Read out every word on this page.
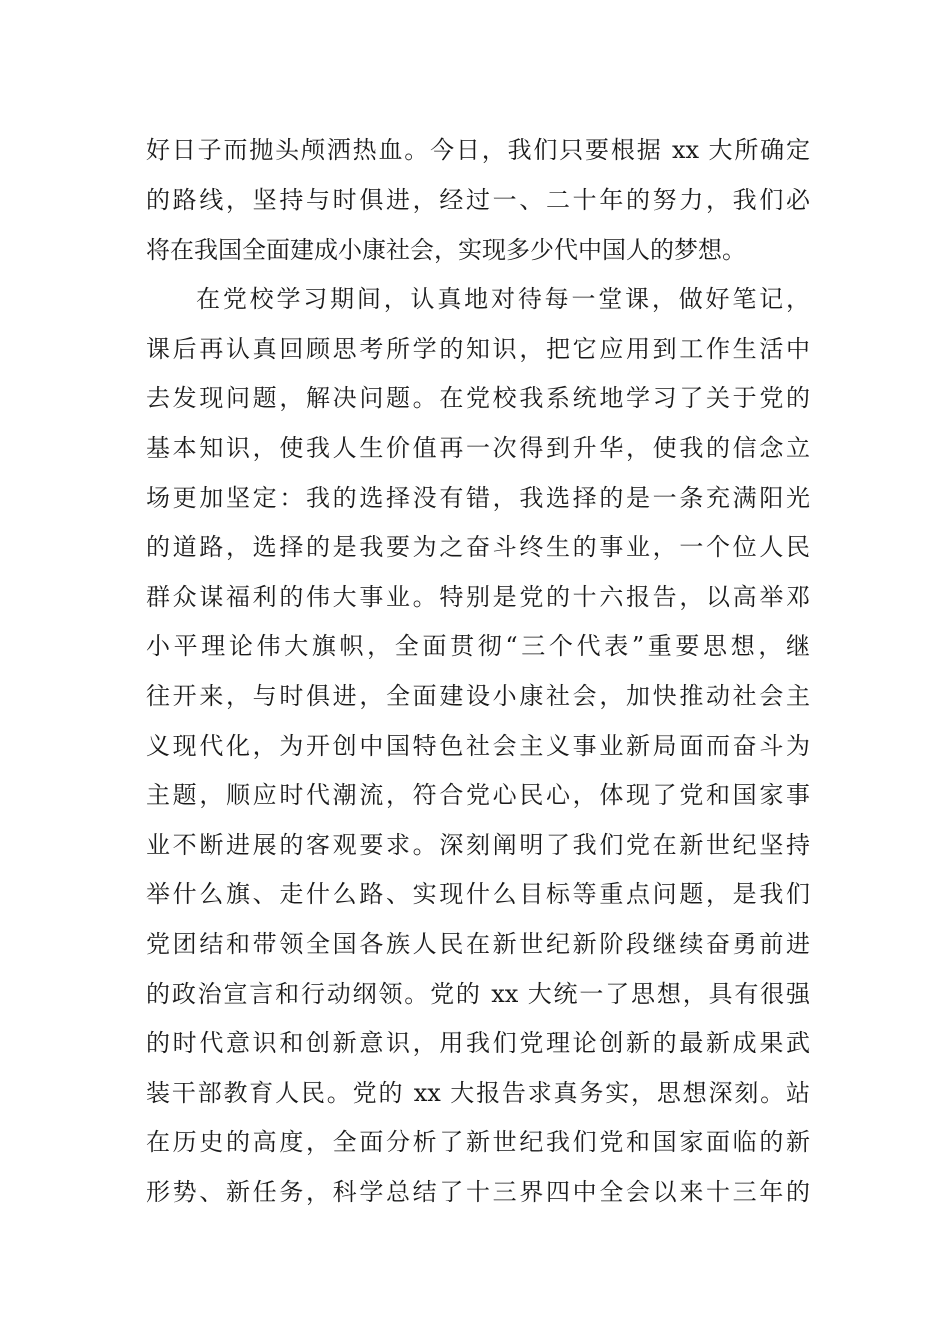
好日子而抛头颅洒热血。今日，我们只要根据 xx 大所确定
的路线，坚持与时俱进，经过一、二十年的努力，我们必
将在我国全面建成小康社会，实现多少代中国人的梦想。
在党校学习期间，认真地对待每一堂课，做好笔记，
课后再认真回顾思考所学的知识，把它应用到工作生活中
去发现问题，解决问题。在党校我系统地学习了关于党的
基本知识，使我人生价值再一次得到升华，使我的信念立
场更加坚定：我的选择没有错，我选择的是一条充满阳光
的道路，选择的是我要为之奋斗终生的事业，一个位人民
群众谋福利的伟大事业。特别是党的十六报告，以高举邓
小平理论伟大旗帜，全面贯彻“三个代表”重要思想，继
往开来，与时俱进，全面建设小康社会，加快推动社会主
义现代化，为开创中国特色社会主义事业新局面而奋斗为
主题，顺应时代潮流，符合党心民心，体现了党和国家事
业不断进展的客观要求。深刻阐明了我们党在新世纪坚持
举什么旗、走什么路、实现什么目标等重点问题，是我们
党团结和带领全国各族人民在新世纪新阶段继续奋勇前进
的政治宣言和行动纲领。党的 xx 大统一了思想，具有很强
的时代意识和创新意识，用我们党理论创新的最新成果武
装干部教育人民。党的 xx 大报告求真务实，思想深刻。站
在历史的高度，全面分析了新世纪我们党和国家面临的新
形势、新任务，科学总结了十三界四中全会以来十三年的
